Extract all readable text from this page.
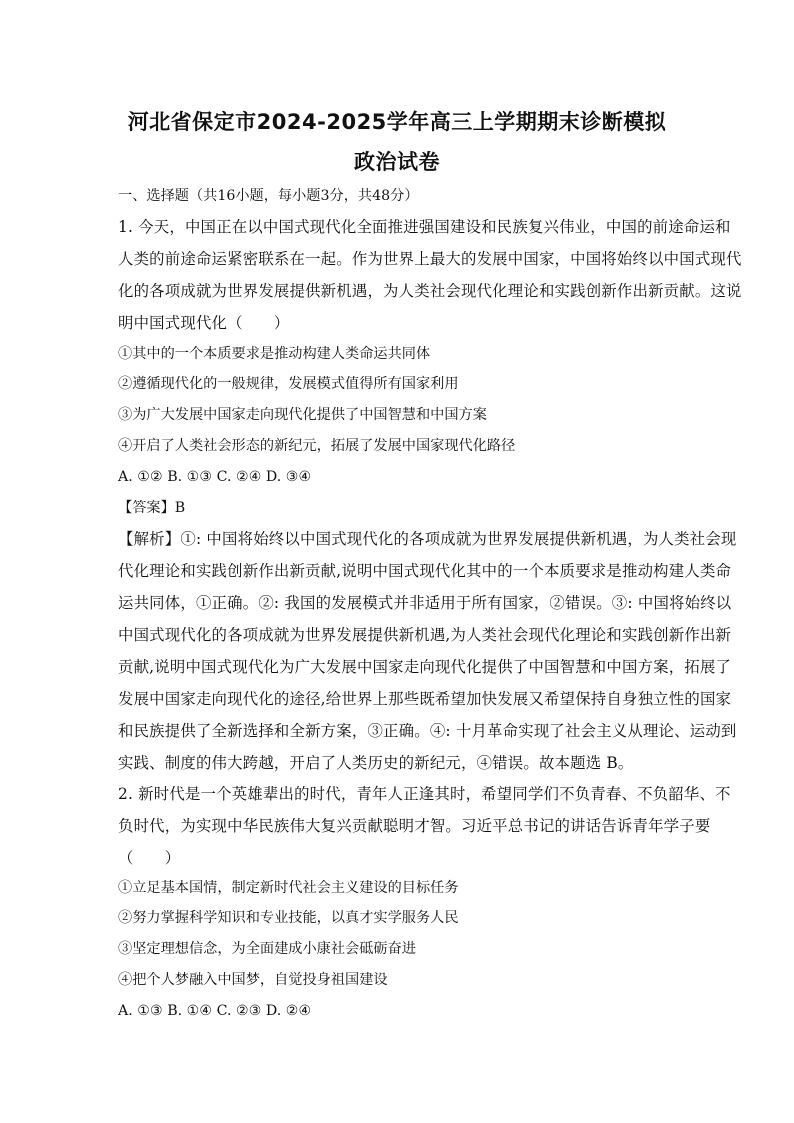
河北省保定市2024-2025学年高三上学期期末诊断模拟
政治试卷
一、选择题（共16小题，每小题3分，共48分）
1. 今天，中国正在以中国式现代化全面推进强国建设和民族复兴伟业，中国的前途命运和
人类的前途命运紧密联系在一起。作为世界上最大的发展中国家，中国将始终以中国式现代
化的各项成就为世界发展提供新机遇，为人类社会现代化理论和实践创新作出新贡献。这说
明中国式现代化（　　）
①其中的一个本质要求是推动构建人类命运共同体
②遵循现代化的一般规律，发展模式值得所有国家利用
③为广大发展中国家走向现代化提供了中国智慧和中国方案
④开启了人类社会形态的新纪元，拓展了发展中国家现代化路径
A. ①② B. ①③ C. ②④ D. ③④
【答案】B
【解析】①: 中国将始终以中国式现代化的各项成就为世界发展提供新机遇，为人类社会现
代化理论和实践创新作出新贡献,说明中国式现代化其中的一个本质要求是推动构建人类命
运共同体，①正确。②: 我国的发展模式并非适用于所有国家，②错误。③: 中国将始终以
中国式现代化的各项成就为世界发展提供新机遇,为人类社会现代化理论和实践创新作出新
贡献,说明中国式现代化为广大发展中国家走向现代化提供了中国智慧和中国方案，拓展了
发展中国家走向现代化的途径,给世界上那些既希望加快发展又希望保持自身独立性的国家
和民族提供了全新选择和全新方案，③正确。④: 十月革命实现了社会主义从理论、运动到
实践、制度的伟大跨越，开启了人类历史的新纪元，④错误。故本题选 B。
2. 新时代是一个英雄辈出的时代，青年人正逢其时，希望同学们不负青春、不负韶华、不
负时代，为实现中华民族伟大复兴贡献聪明才智。习近平总书记的讲话告诉青年学子要
（　　）
①立足基本国情，制定新时代社会主义建设的目标任务
②努力掌握科学知识和专业技能，以真才实学服务人民
③坚定理想信念，为全面建成小康社会砥砺奋进
④把个人梦融入中国梦，自觉投身祖国建设
A. ①③ B. ①④ C. ②③ D. ②④
